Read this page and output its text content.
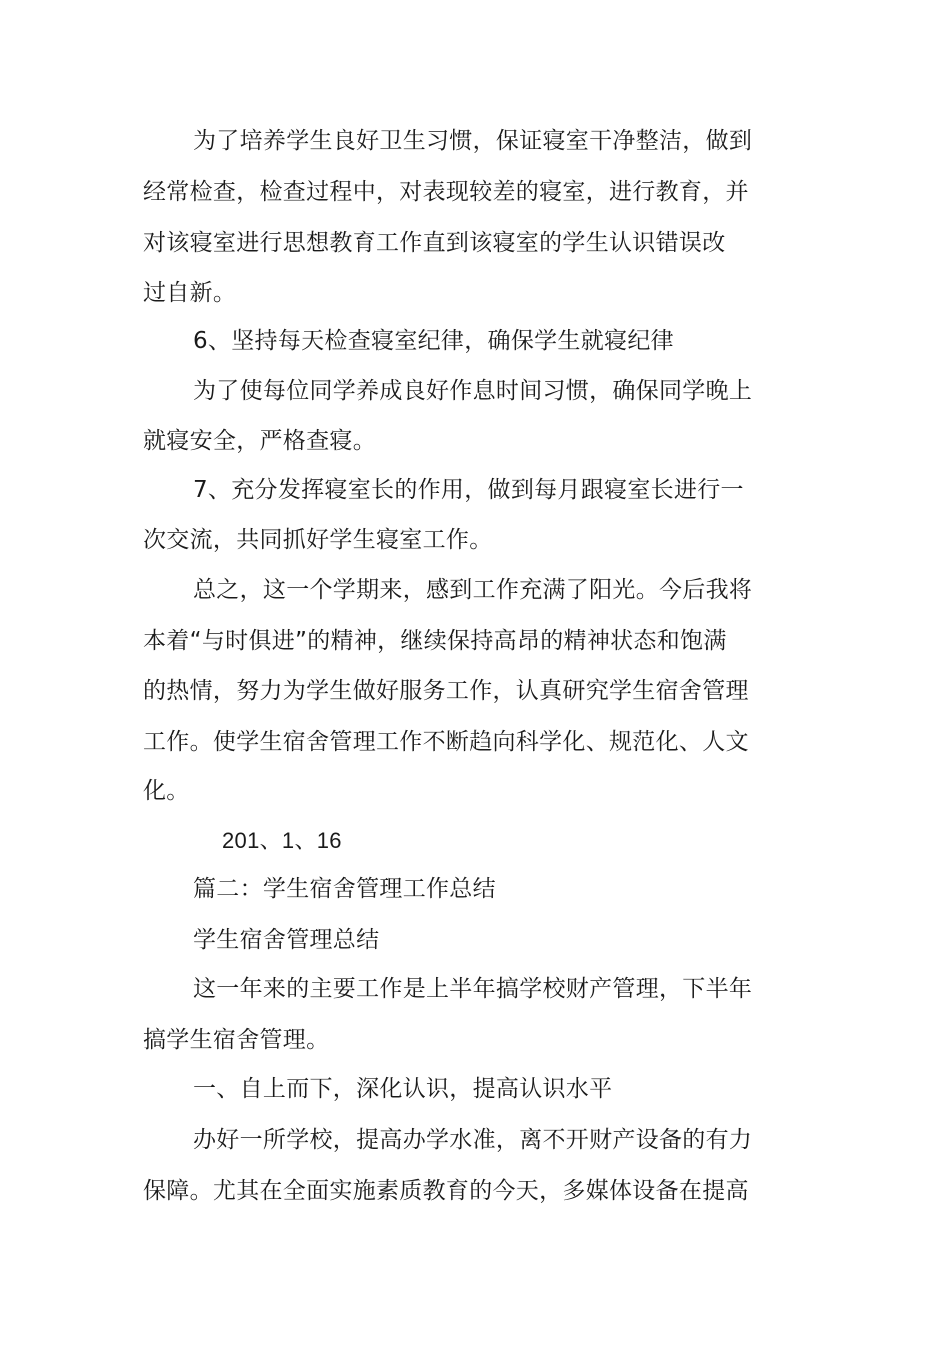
为了培养学生良好卫生习惯，保证寝室干净整洁，做到
经常检查，检查过程中，对表现较差的寝室，进行教育，并
对该寝室进行思想教育工作直到该寝室的学生认识错误改
过自新。
6、坚持每天检查寝室纪律，确保学生就寝纪律
为了使每位同学养成良好作息时间习惯，确保同学晚上
就寝安全，严格查寝。
7、充分发挥寝室长的作用，做到每月跟寝室长进行一
次交流，共同抓好学生寝室工作。
总之，这一个学期来，感到工作充满了阳光。今后我将
本着“与时俱进”的精神，继续保持高昂的精神状态和饱满
的热情，努力为学生做好服务工作，认真研究学生宿舍管理
工作。使学生宿舍管理工作不断趋向科学化、规范化、人文
化。
201、1、16
篇二：学生宿舍管理工作总结
学生宿舍管理总结
这一年来的主要工作是上半年搞学校财产管理，下半年
搞学生宿舍管理。
一、自上而下，深化认识，提高认识水平
办好一所学校，提高办学水准，离不开财产设备的有力
保障。尤其在全面实施素质教育的今天，多媒体设备在提高
